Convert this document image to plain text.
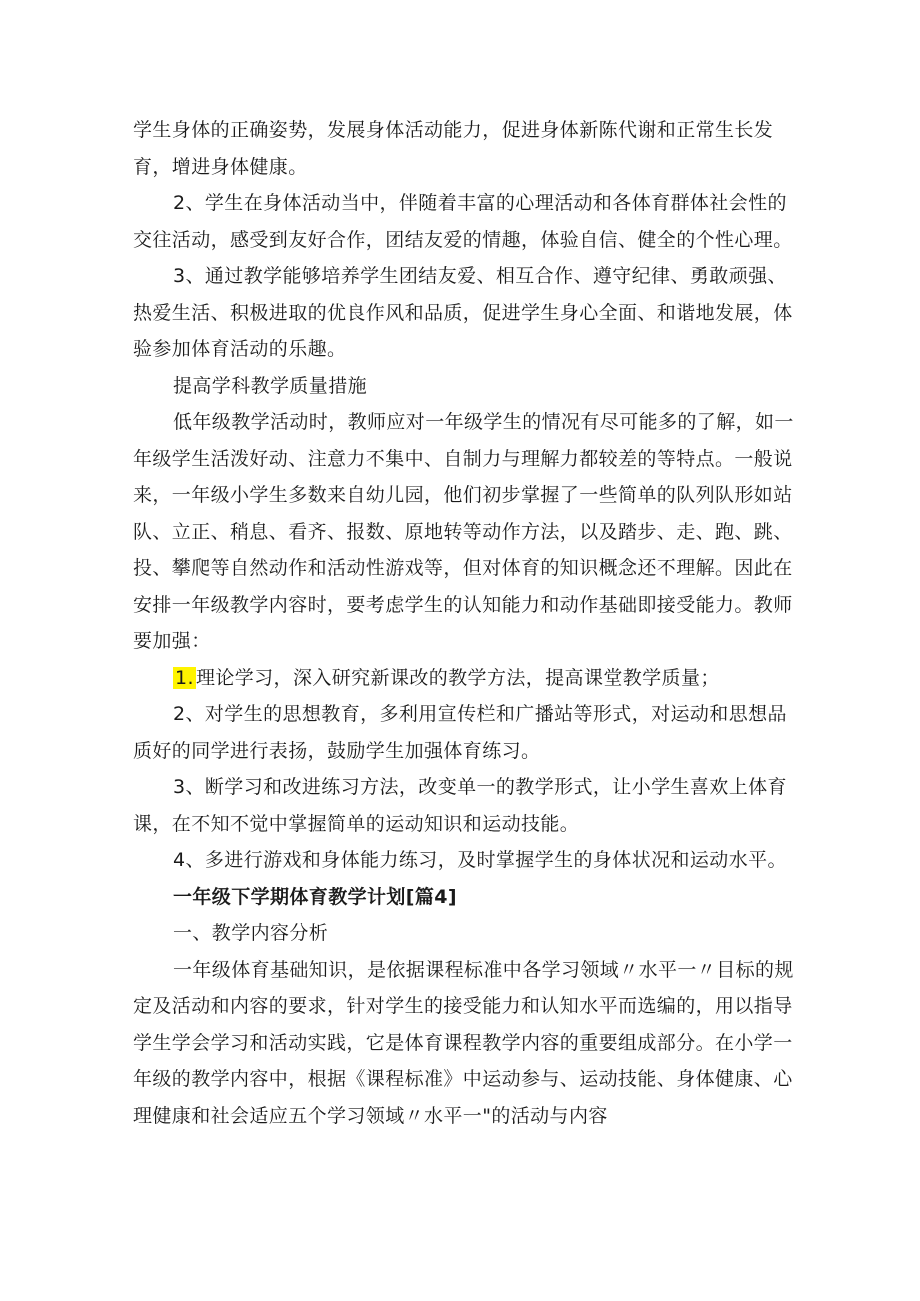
学生身体的正确姿势，发展身体活动能力，促进身体新陈代谢和正常生长发育，增进身体健康。

2、学生在身体活动当中，伴随着丰富的心理活动和各体育群体社会性的交往活动，感受到友好合作，团结友爱的情趣，体验自信、健全的个性心理。

3、通过教学能够培养学生团结友爱、相互合作、遵守纪律、勇敢顽强、热爱生活、积极进取的优良作风和品质，促进学生身心全面、和谐地发展，体验参加体育活动的乐趣。

提高学科教学质量措施

低年级教学活动时，教师应对一年级学生的情况有尽可能多的了解，如一年级学生活泼好动、注意力不集中、自制力与理解力都较差的等特点。一般说来，一年级小学生多数来自幼儿园，他们初步掌握了一些简单的队列队形如站队、立正、稍息、看齐、报数、原地转等动作方法，以及踏步、走、跑、跳、投、攀爬等自然动作和活动性游戏等，但对体育的知识概念还不理解。因此在安排一年级教学内容时，要考虑学生的认知能力和动作基础即接受能力。教师要加强：

1. 理论学习，深入研究新课改的教学方法，提高课堂教学质量；

2、对学生的思想教育，多利用宣传栏和广播站等形式，对运动和思想品质好的同学进行表扬，鼓励学生加强体育练习。

3、断学习和改进练习方法，改变单一的教学形式，让小学生喜欢上体育课，在不知不觉中掌握简单的运动知识和运动技能。

4、多进行游戏和身体能力练习，及时掌握学生的身体状况和运动水平。

一年级下学期体育教学计划[篇4]

一、教学内容分析

一年级体育基础知识，是依据课程标准中各学习领域〃水平一〃目标的规定及活动和内容的要求，针对学生的接受能力和认知水平而选编的，用以指导学生学会学习和活动实践，它是体育课程教学内容的重要组成部分。在小学一年级的教学内容中，根据《课程标准》中运动参与、运动技能、身体健康、心理健康和社会适应五个学习领域〃水平一"的活动与内容
